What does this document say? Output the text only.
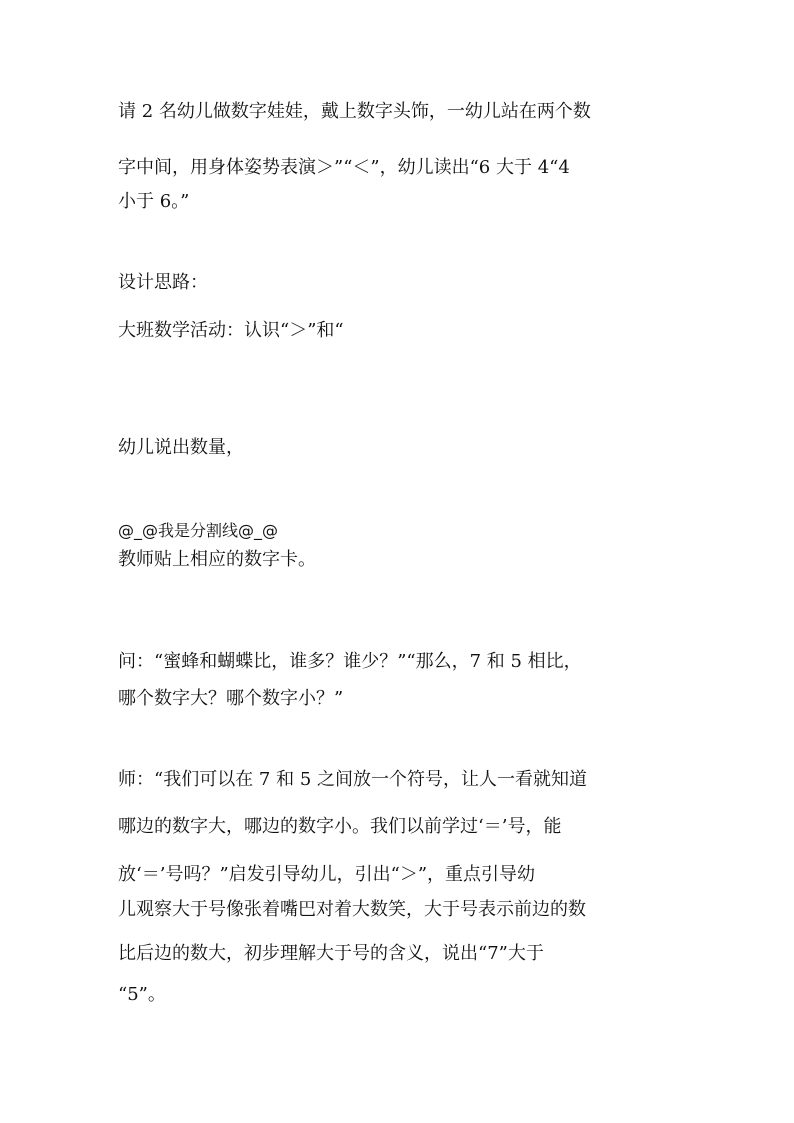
请 2 名幼儿做数字娃娃，戴上数字头饰，一幼儿站在两个数
字中间，用身体姿势表演＞”“＜”，幼儿读出“6 大于 4“4
小于 6。”
设计思路：
大班数学活动：认识“＞”和“
幼儿说出数量，
@_@我是分割线@_@
教师贴上相应的数字卡。
问：“蜜蜂和蝴蝶比，谁多？谁少？”“那么，7 和 5 相比，
哪个数字大？哪个数字小？”
师：“我们可以在 7 和 5 之间放一个符号，让人一看就知道
哪边的数字大，哪边的数字小。我们以前学过‘＝’号，能
放‘＝’号吗？”启发引导幼儿，引出“＞”，重点引导幼
儿观察大于号像张着嘴巴对着大数笑，大于号表示前边的数
比后边的数大，初步理解大于号的含义，说出“7”大于
“5”。
